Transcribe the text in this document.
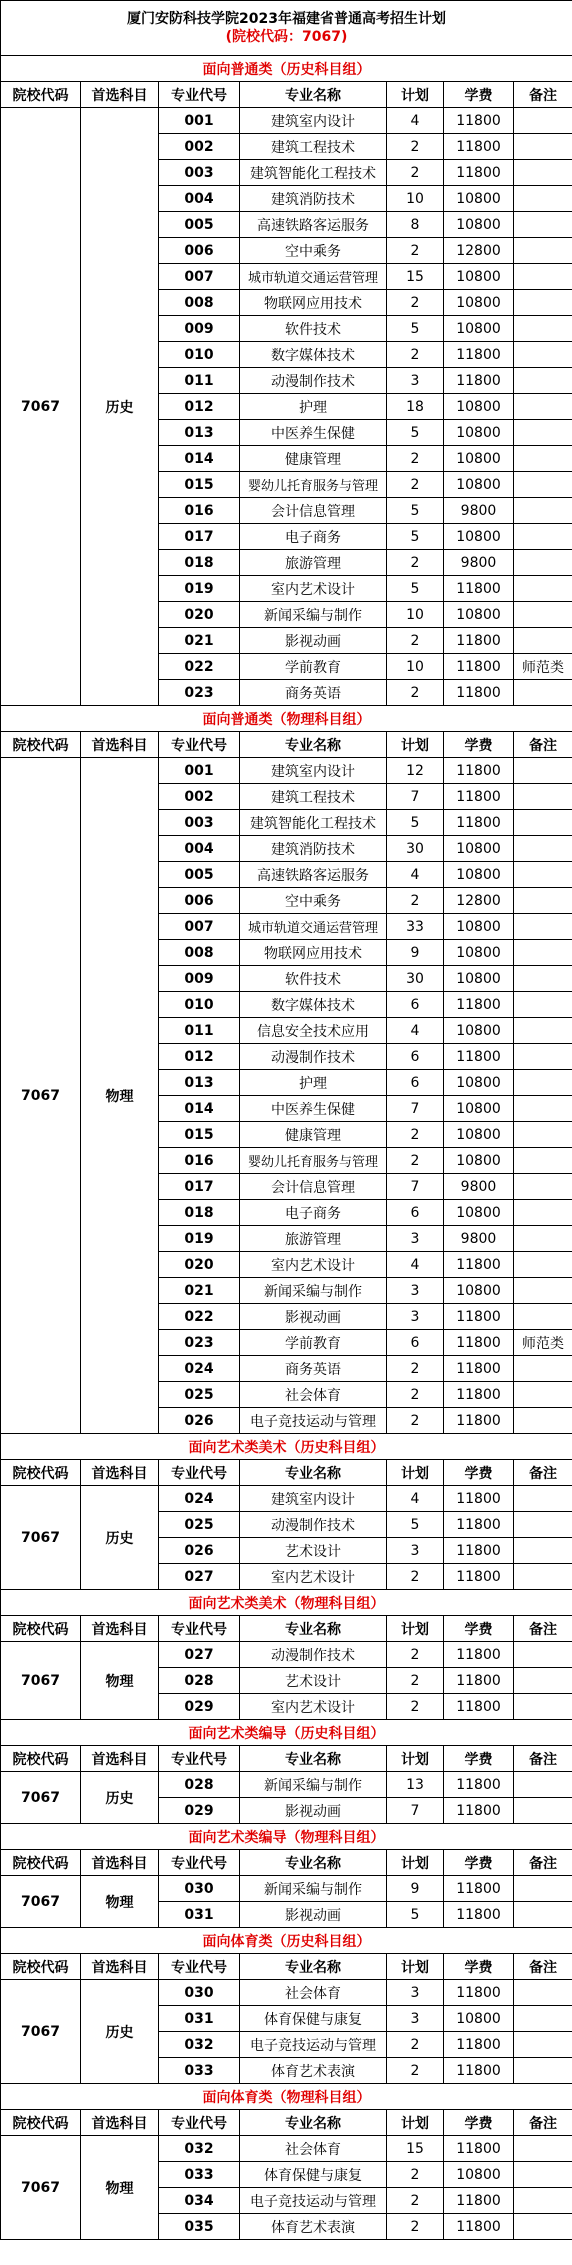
厦门安防科技学院2023年福建省普通高考招生计划
(院校代码：7067)						

面向普通类（历史科目组）						
院校代码	首选科目	专业代号	专业名称	计划	学费	备注
7067	历史	001	建筑室内设计	4	11800	
		002	建筑工程技术	2	11800	
		003	建筑智能化工程技术	2	11800	
		004	建筑消防技术	10	10800	
		005	高速铁路客运服务	8	10800	
		006	空中乘务	2	12800	
		007	城市轨道交通运营管理	15	10800	
		008	物联网应用技术	2	10800	
		009	软件技术	5	10800	
		010	数字媒体技术	2	11800	
		011	动漫制作技术	3	11800	
		012	护理	18	10800	
		013	中医养生保健	5	10800	
		014	健康管理	2	10800	
		015	婴幼儿托育服务与管理	2	10800	
		016	会计信息管理	5	9800	
		017	电子商务	5	10800	
		018	旅游管理	2	9800	
		019	室内艺术设计	5	11800	
		020	新闻采编与制作	10	10800	
		021	影视动画	2	11800	
		022	学前教育	10	11800	师范类
		023	商务英语	2	11800	
面向普通类（物理科目组）						
院校代码	首选科目	专业代号	专业名称	计划	学费	备注
7067	物理	001	建筑室内设计	12	11800	
		002	建筑工程技术	7	11800	
		003	建筑智能化工程技术	5	11800	
		004	建筑消防技术	30	10800	
		005	高速铁路客运服务	4	10800	
		006	空中乘务	2	12800	
		007	城市轨道交通运营管理	33	10800	
		008	物联网应用技术	9	10800	
		009	软件技术	30	10800	
		010	数字媒体技术	6	11800	
		011	信息安全技术应用	4	10800	
		012	动漫制作技术	6	11800	
		013	护理	6	10800	
		014	中医养生保健	7	10800	
		015	健康管理	2	10800	
		016	婴幼儿托育服务与管理	2	10800	
		017	会计信息管理	7	9800	
		018	电子商务	6	10800	
		019	旅游管理	3	9800	
		020	室内艺术设计	4	11800	
		021	新闻采编与制作	3	10800	
		022	影视动画	3	11800	
		023	学前教育	6	11800	师范类
		024	商务英语	2	11800	
		025	社会体育	2	11800	
		026	电子竞技运动与管理	2	11800	
面向艺术类美术（历史科目组）						
院校代码	首选科目	专业代号	专业名称	计划	学费	备注
7067	历史	024	建筑室内设计	4	11800	
		025	动漫制作技术	5	11800	
		026	艺术设计	3	11800	
		027	室内艺术设计	2	11800	
面向艺术类美术（物理科目组）						
院校代码	首选科目	专业代号	专业名称	计划	学费	备注
7067	物理	027	动漫制作技术	2	11800	
		028	艺术设计	2	11800	
		029	室内艺术设计	2	11800	
面向艺术类编导（历史科目组）						
院校代码	首选科目	专业代号	专业名称	计划	学费	备注
7067	历史	028	新闻采编与制作	13	11800	
		029	影视动画	7	11800	
面向艺术类编导（物理科目组）						
院校代码	首选科目	专业代号	专业名称	计划	学费	备注
7067	物理	030	新闻采编与制作	9	11800	
		031	影视动画	5	11800	
面向体育类（历史科目组）						
院校代码	首选科目	专业代号	专业名称	计划	学费	备注
7067	历史	030	社会体育	3	11800	
		031	体育保健与康复	3	10800	
		032	电子竞技运动与管理	2	11800	
		033	体育艺术表演	2	11800	
面向体育类（物理科目组）						
院校代码	首选科目	专业代号	专业名称	计划	学费	备注
7067	物理	032	社会体育	15	11800	
		033	体育保健与康复	2	10800	
		034	电子竞技运动与管理	2	11800	
		035	体育艺术表演	2	11800	
